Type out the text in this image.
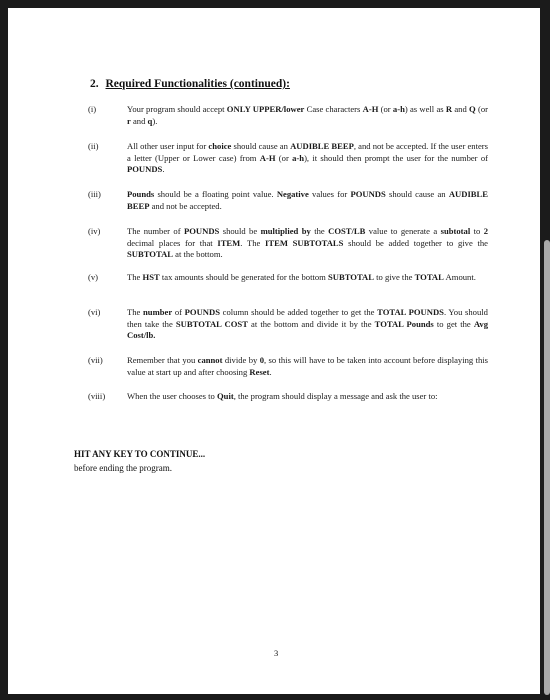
2. Required Functionalities (continued):
(i)	Your program should accept ONLY UPPER/lower Case characters A-H (or a-h) as well as R and Q (or r and q).
(ii)	All other user input for choice should cause an AUDIBLE BEEP, and not be accepted. If the user enters a letter (Upper or Lower case) from A-H (or a-h), it should then prompt the user for the number of POUNDS.
(iii)	Pounds should be a floating point value. Negative values for POUNDS should cause an AUDIBLE BEEP and not be accepted.
(iv)	The number of POUNDS should be multiplied by the COST/LB value to generate a subtotal to 2 decimal places for that ITEM. The ITEM SUBTOTALS should be added together to give the SUBTOTAL at the bottom.
(v)	The HST tax amounts should be generated for the bottom SUBTOTAL to give the TOTAL Amount.
(vi)	The number of POUNDS column should be added together to get the TOTAL POUNDS. You should then take the SUBTOTAL COST at the bottom and divide it by the TOTAL Pounds to get the Avg Cost/lb.
(vii)	Remember that you cannot divide by 0, so this will have to be taken into account before displaying this value at start up and after choosing Reset.
(viii)	When the user chooses to Quit, the program should display a message and ask the user to:
HIT ANY KEY TO CONTINUE...
before ending the program.
3
